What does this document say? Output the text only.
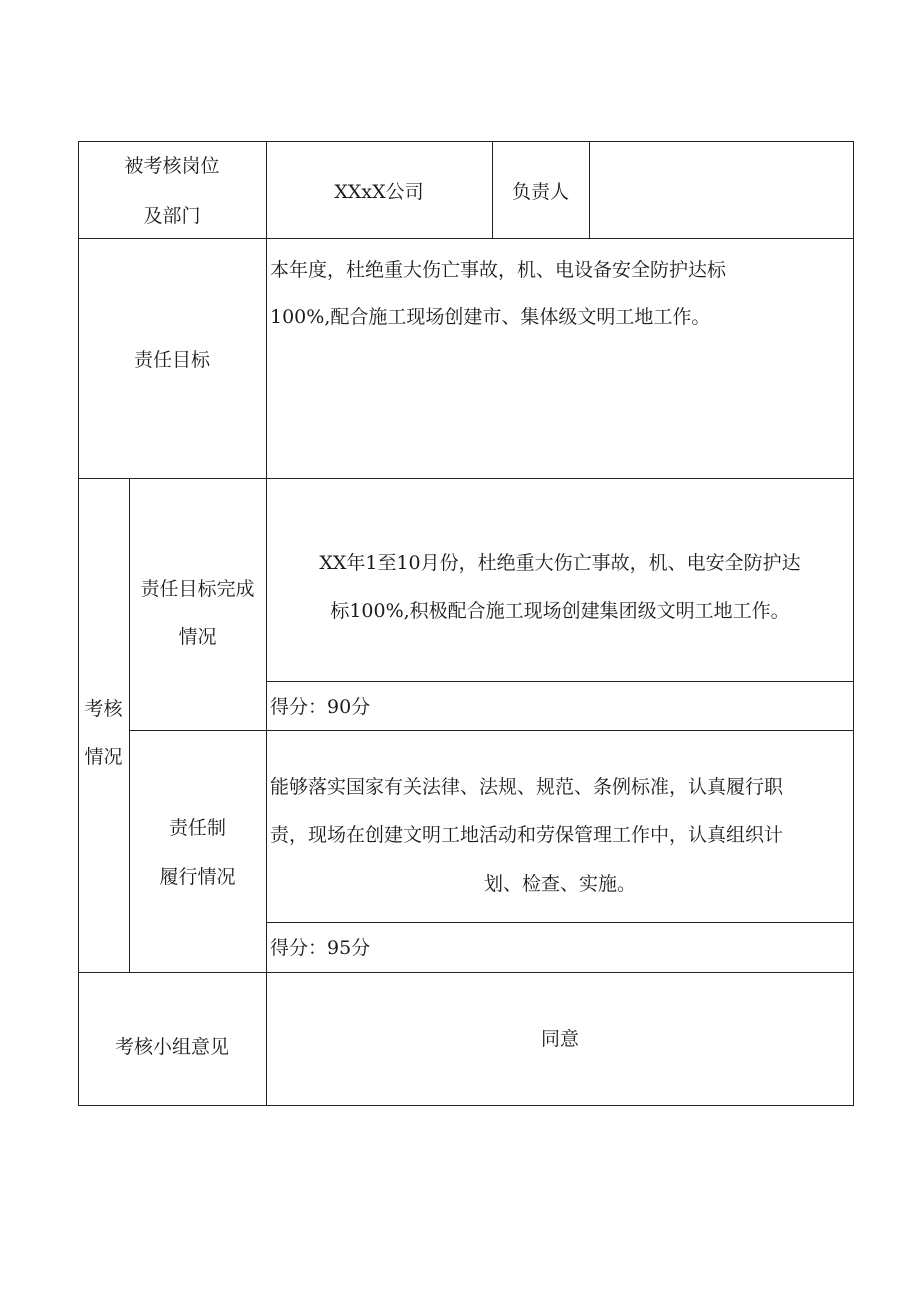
被考核岗位
及部门
XXxX公司	负责人
责任目标
本年度，杜绝重大伤亡事故，机、电设备安全防护达标
100%,配合施工现场创建市、集体级文明工地工作。
考核
情况
责任目标完成
情况
XX年1至10月份，杜绝重大伤亡事故，机、电安全防护达
标100%,积极配合施工现场创建集团级文明工地工作。
得分：90分
责任制
履行情况
能够落实国家有关法律、法规、规范、条例标准，认真履行职
责，现场在创建文明工地活动和劳保管理工作中，认真组织计
划、检查、实施。
得分：95分
考核小组意见	同意
